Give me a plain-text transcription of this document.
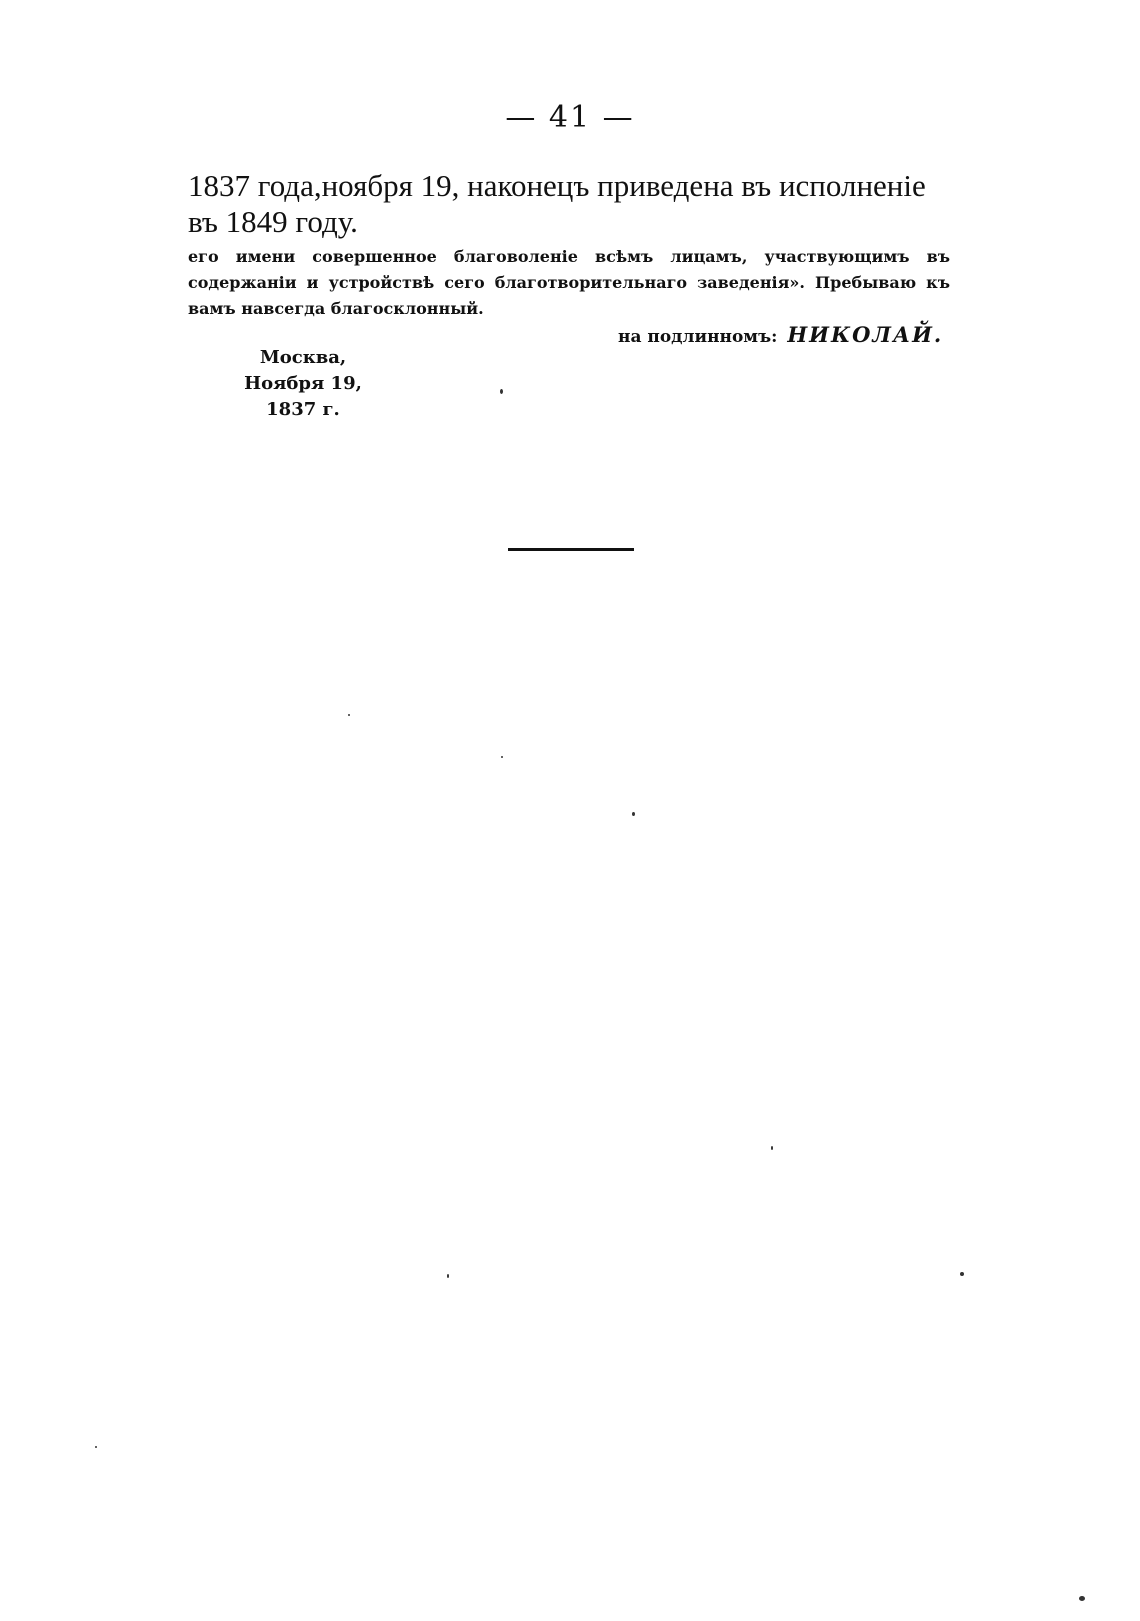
— 41 —
1837 года,ноября 19, наконецъ приведена въ исполненіе
въ 1849 году.
его имени совершенное благоволеніе всѣмъ лицамъ, участвующимъ въ содержаніи и устройствѣ сего благотворительнаго заведенія». Пребываю къ вамъ навсегда благосклонный.
на подлинномъ: НИКОЛАЙ.
Москва,
Ноября 19,
1837 г.
